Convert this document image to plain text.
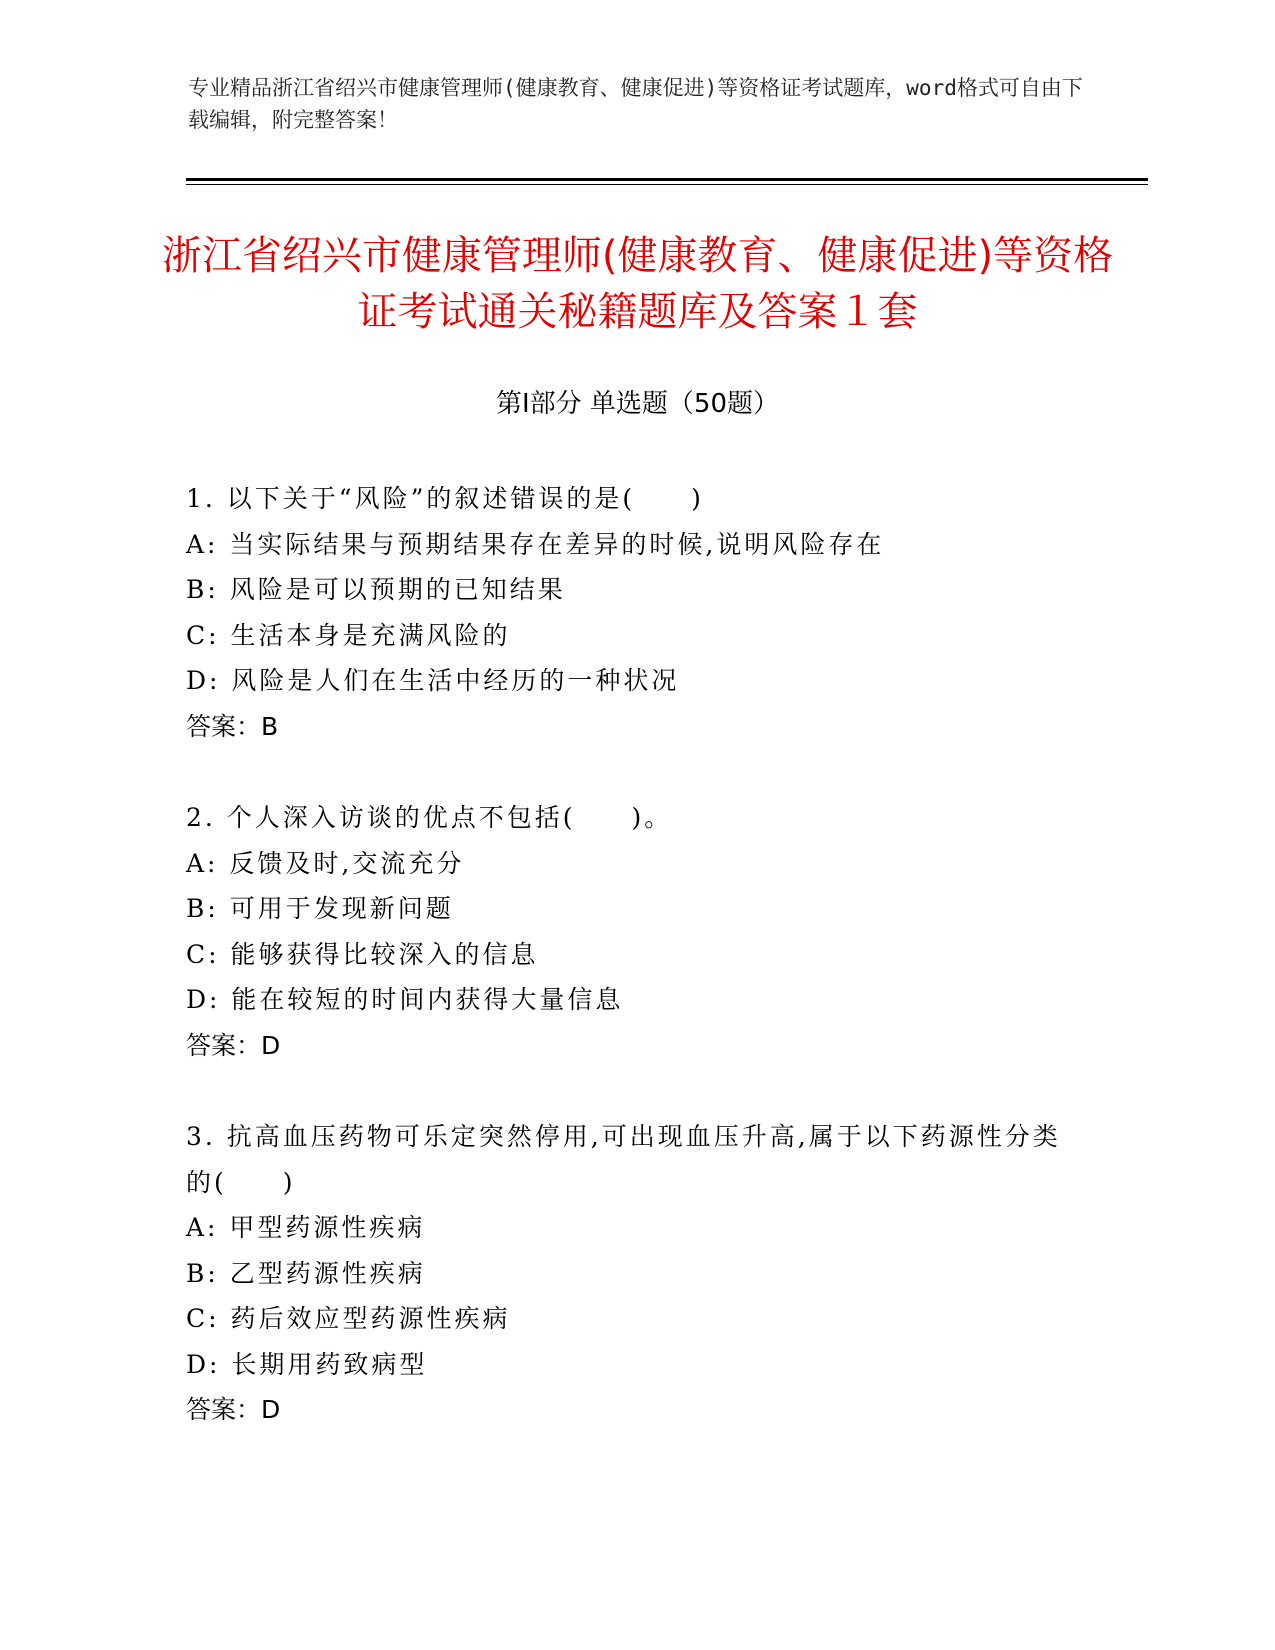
专业精品浙江省绍兴市健康管理师(健康教育、健康促进)等资格证考试题库，word格式可自由下载编辑，附完整答案！
浙江省绍兴市健康管理师(健康教育、健康促进)等资格证考试通关秘籍题库及答案１套
第Ⅰ部分 单选题（50题）
1. 以下关于“风险”的叙述错误的是(　　)
A: 当实际结果与预期结果存在差异的时候,说明风险存在
B: 风险是可以预期的已知结果
C: 生活本身是充满风险的
D: 风险是人们在生活中经历的一种状况
答案：B
2. 个人深入访谈的优点不包括(　　)。
A: 反馈及时,交流充分
B: 可用于发现新问题
C: 能够获得比较深入的信息
D: 能在较短的时间内获得大量信息
答案：D
3. 抗高血压药物可乐定突然停用,可出现血压升高,属于以下药源性分类的(　　)
A: 甲型药源性疾病
B: 乙型药源性疾病
C: 药后效应型药源性疾病
D: 长期用药致病型
答案：D
